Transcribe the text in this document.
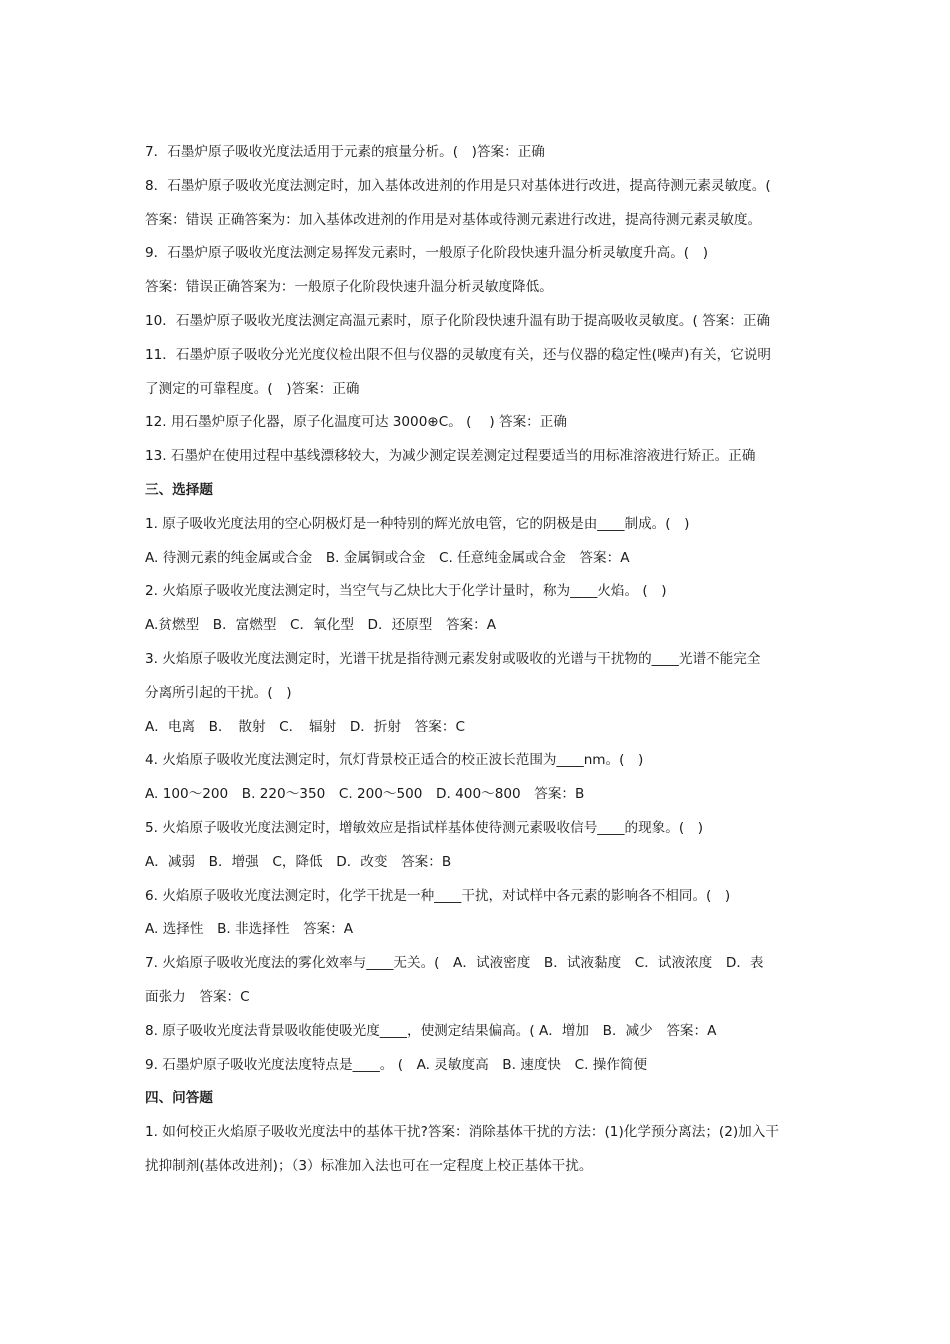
7．石墨炉原子吸收光度法适用于元素的痕量分析。(　)答案：正确
8．石墨炉原子吸收光度法测定时，加入基体改进剂的作用是只对基体进行改进，提高待测元素灵敏度。(
答案：错误 正确答案为：加入基体改进剂的作用是对基体或待测元素进行改进，提高待测元素灵敏度。
9．石墨炉原子吸收光度法测定易挥发元素时，一般原子化阶段快速升温分析灵敏度升高。(　)
答案：错误正确答案为：一般原子化阶段快速升温分析灵敏度降低。
10．石墨炉原子吸收光度法测定高温元素时，原子化阶段快速升温有助于提高吸收灵敏度。( 答案：正确
11．石墨炉原子吸收分光光度仪检出限不但与仪器的灵敏度有关，还与仪器的稳定性(噪声)有关，它说明
了测定的可靠程度。(　)答案：正确
12. 用石墨炉原子化器，原子化温度可达 3000⊕C。 (　 ) 答案：正确
13. 石墨炉在使用过程中基线漂移较大，为减少测定误差测定过程要适当的用标准溶液进行矫正。正确
三、选择题
1. 原子吸收光度法用的空心阴极灯是一种特别的辉光放电管，它的阴极是由____制成。(　)
A. 待测元素的纯金属或合金　B. 金属铜或合金　C. 任意纯金属或合金　答案：A
2. 火焰原子吸收光度法测定时，当空气与乙炔比大于化学计量时，称为____火焰。 (　)
A.贫燃型　B．富燃型　C．氧化型　D．还原型　答案：A
3. 火焰原子吸收光度法测定时，光谱干扰是指待测元素发射或吸收的光谱与干扰物的____光谱不能完全
分离所引起的干扰。(　)
A．电离　B．　散射　C．　辐射　D．折射　答案：C
4. 火焰原子吸收光度法测定时，氘灯背景校正适合的校正波长范围为____nm。(　)
A. 100～200　B. 220～350　C. 200～500　D. 400～800　答案：B
5. 火焰原子吸收光度法测定时，增敏效应是指试样基体使待测元素吸收信号____的现象。(　)
A．减弱　B．增强　C，降低　D．改变　答案：B
6. 火焰原子吸收光度法测定时，化学干扰是一种____干扰，对试样中各元素的影响各不相同。(　)
A. 选择性　B. 非选择性　答案：A
7. 火焰原子吸收光度法的雾化效率与____无关。(　A．试液密度　B．试液黏度　C．试液浓度　D．表
面张力　答案：C
8. 原子吸收光度法背景吸收能使吸光度____，使测定结果偏高。( A．增加　B．减少　答案：A
9. 石墨炉原子吸收光度法度特点是____。 (　A. 灵敏度高　B. 速度快　C. 操作简便
四、问答题
1. 如何校正火焰原子吸收光度法中的基体干扰?答案：消除基体干扰的方法：(1)化学预分离法；(2)加入干
扰抑制剂(基体改进剂)；（3）标准加入法也可在一定程度上校正基体干扰。
